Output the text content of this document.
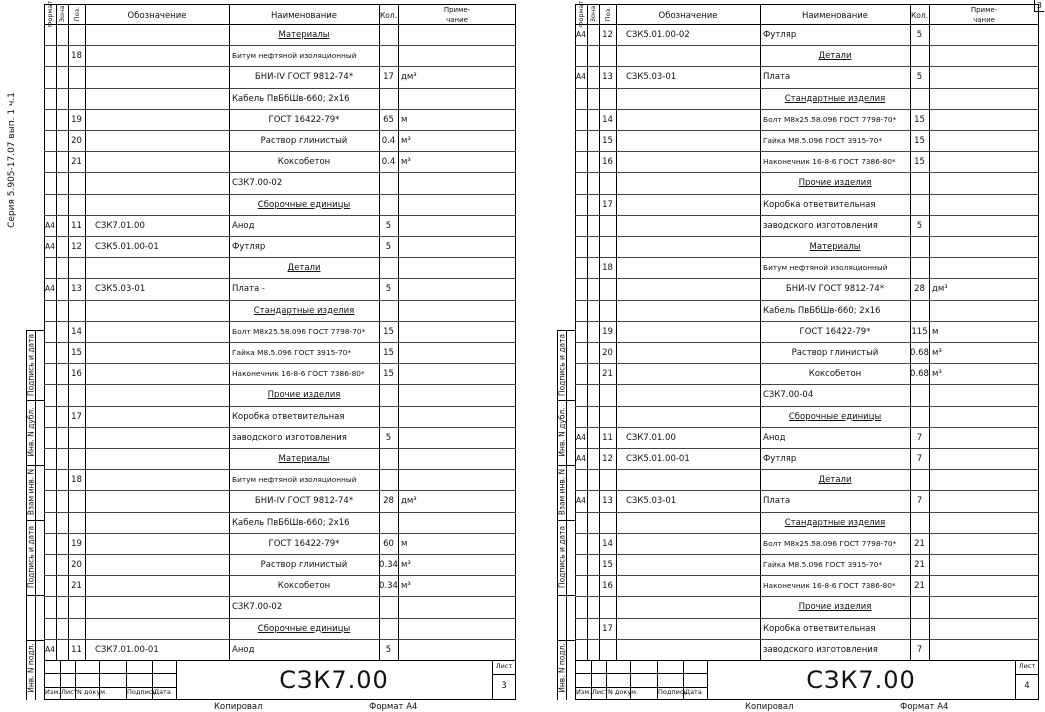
Формат Зона Поз.	Обозначение	Наименование	Кол.
Приме-
чание
Материалы
18	Битум нефтяной изоляционный
БНИ-IV ГОСТ 9812-74*	17 дм³
Кабель ПвБбШв-660; 2х16
19	ГОСТ 16422-79*	65 м
20	Раствор глинистый	0.4 м³
21	Коксобетон	0.4 м³
СЗК7.00-02
Сборочные единицы
А4 11 СЗК7.01.00	Анод	5
А4 12 СЗК5.01.00-01	Футляр	5
Детали
А4 13 СЗК5.03-01	Плата -	5
Стандартные изделия
14	Болт М8х25.58.096 ГОСТ 7798-70* 15
15	Гайка М8.5.096 ГОСТ 3915-70*	15
16	Наконечник 16-8-6 ГОСТ 7386-80* 15
Прочие изделия
17	Коробка ответвительная
заводского изготовления	5
Материалы
18	Битум нефтяной изоляционный
БНИ-IV ГОСТ 9812-74*	28 дм³
Кабель ПвБбШв-660; 2х16
19	ГОСТ 16422-79*	60 м
20	Раствор глинистый	0.34 м³
21	Коксобетон	0.34 м³
СЗК7.00-02
Сборочные единицы
А4 11 СЗК7.01.00-01	Анод	5
Изм. Лист N докум.	Подпись
Дата	СЗК7.00	Лист
3
Копировал	Формат А4
Подпись и дата
Инв. N дубл.
Взам инв. N
Подпись и дата
Инв. N подл.
Серия 5.905-17.07 вып. 1 ч.1
Формат Зона Поз.	Обозначение	Наименование	Кол.
Приме-
чание
А4 12 СЗК5.01.00-02	Футляр	5
Детали
А4 13 СЗК5.03-01	Плата	5
Стандартные изделия
14	Болт М8х25.58.096 ГОСТ 7798-70* 15
15	Гайка М8.5.096 ГОСТ 3915-70*	15
16	Наконечник 16-8-6 ГОСТ 7386-80* 15
Прочие изделия
17	Коробка ответвительная
заводского изготовления	5
Материалы
18	Битум нефтяной изоляционный
БНИ-IV ГОСТ 9812-74*	28 дм³
Кабель ПвБбШв-660; 2х16
19	ГОСТ 16422-79*	115 м
20	Раствор глинистый	0.68 м³
21	Коксобетон	0.68 м³
СЗК7.00-04
Сборочные единицы
А4 11 СЗК7.01.00	Анод	7
А4 12 СЗК5.01.00-01	Футляр	7
Детали
А4 13 СЗК5.03-01	Плата	7
Стандартные изделия
14	Болт М8х25.58.096 ГОСТ 7798-70* 21
15	Гайка М8.5.096 ГОСТ 3915-70*	21
16	Наконечник 16-8-6 ГОСТ 7386-80* 21
Прочие изделия
17	Коробка ответвительная
заводского изготовления	7
Изм. Лист N докум.	Подпись
Дата	СЗК7.00	Лист
4
Копировал	Формат А4
Подпись и дата
Инв. N дубл.
Взам инв. N
Подпись и дата
Инв. N подл.
3
